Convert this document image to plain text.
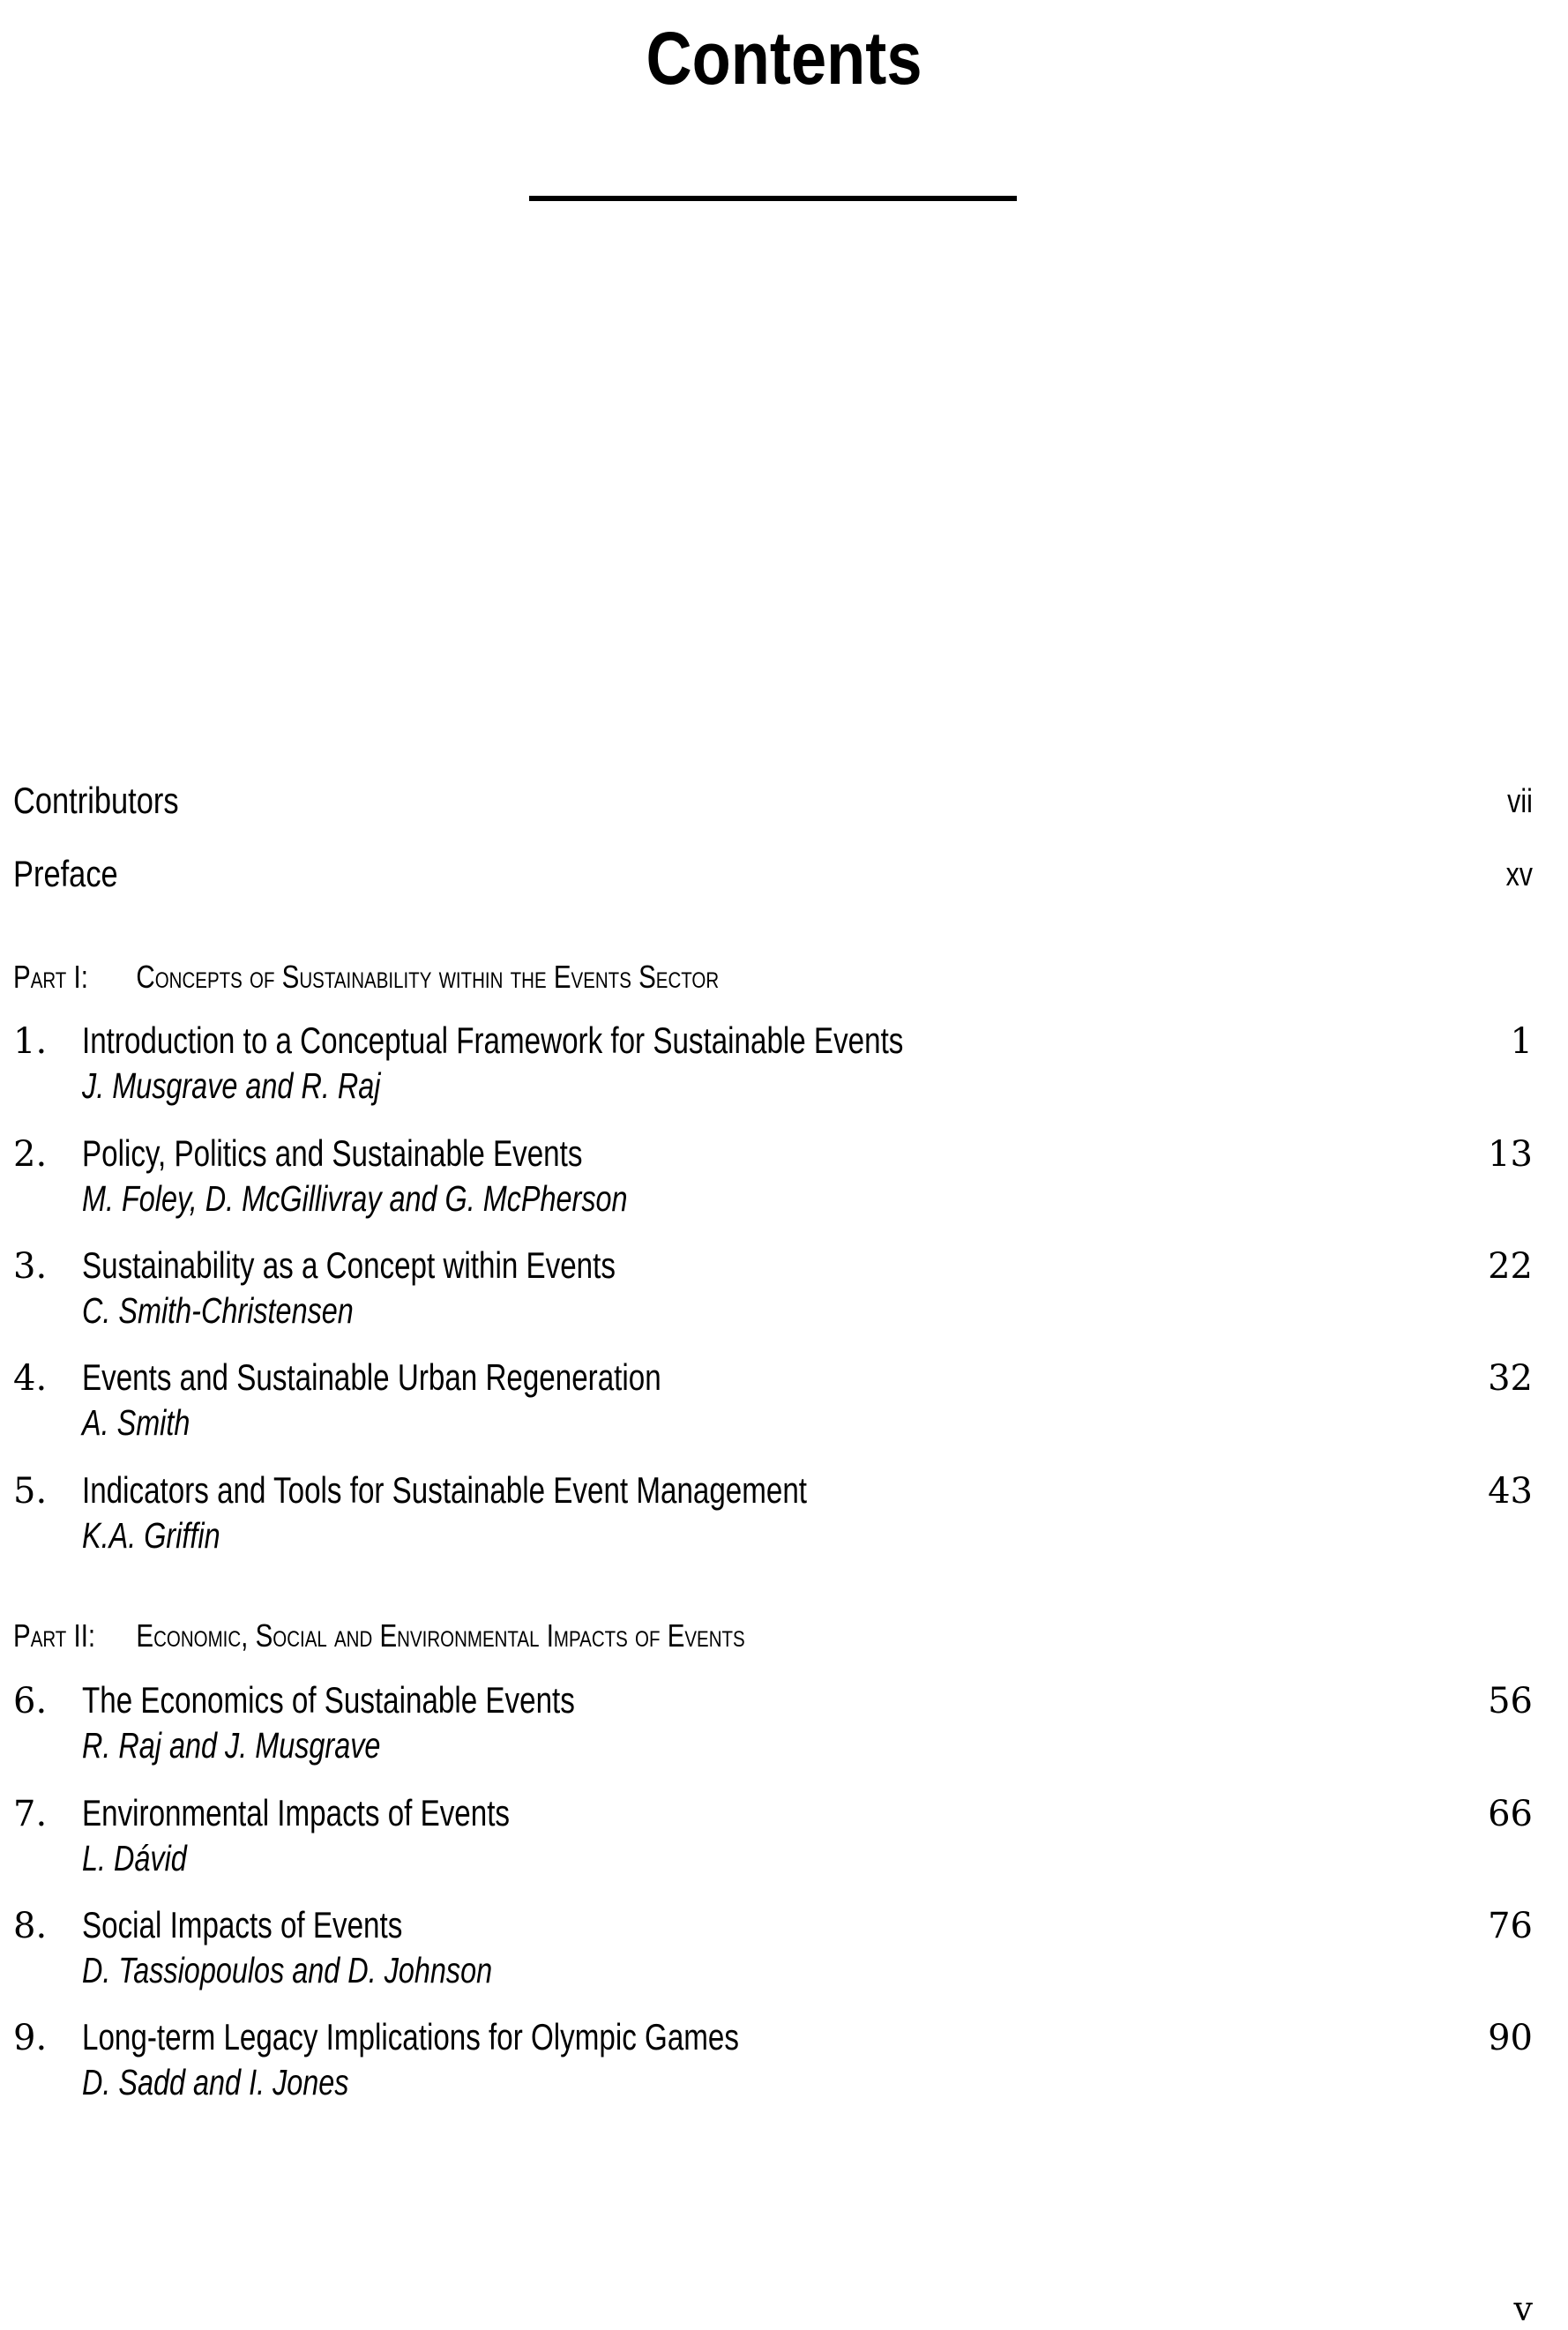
Contents
Contributors	vii
Preface	xv
Part I: Concepts of Sustainability within the Events Sector
1. Introduction to a Conceptual Framework for Sustainable Events	1
J. Musgrave and R. Raj
2. Policy, Politics and Sustainable Events	13
M. Foley, D. McGillivray and G. McPherson
3. Sustainability as a Concept within Events	22
C. Smith-Christensen
4. Events and Sustainable Urban Regeneration	32
A. Smith
5. Indicators and Tools for Sustainable Event Management	43
K.A. Griffin
Part II: Economic, Social and Environmental Impacts of Events
6. The Economics of Sustainable Events	56
R. Raj and J. Musgrave
7. Environmental Impacts of Events	66
L. Dávid
8. Social Impacts of Events	76
D. Tassiopoulos and D. Johnson
9. Long-term Legacy Implications for Olympic Games	90
D. Sadd and I. Jones
v
